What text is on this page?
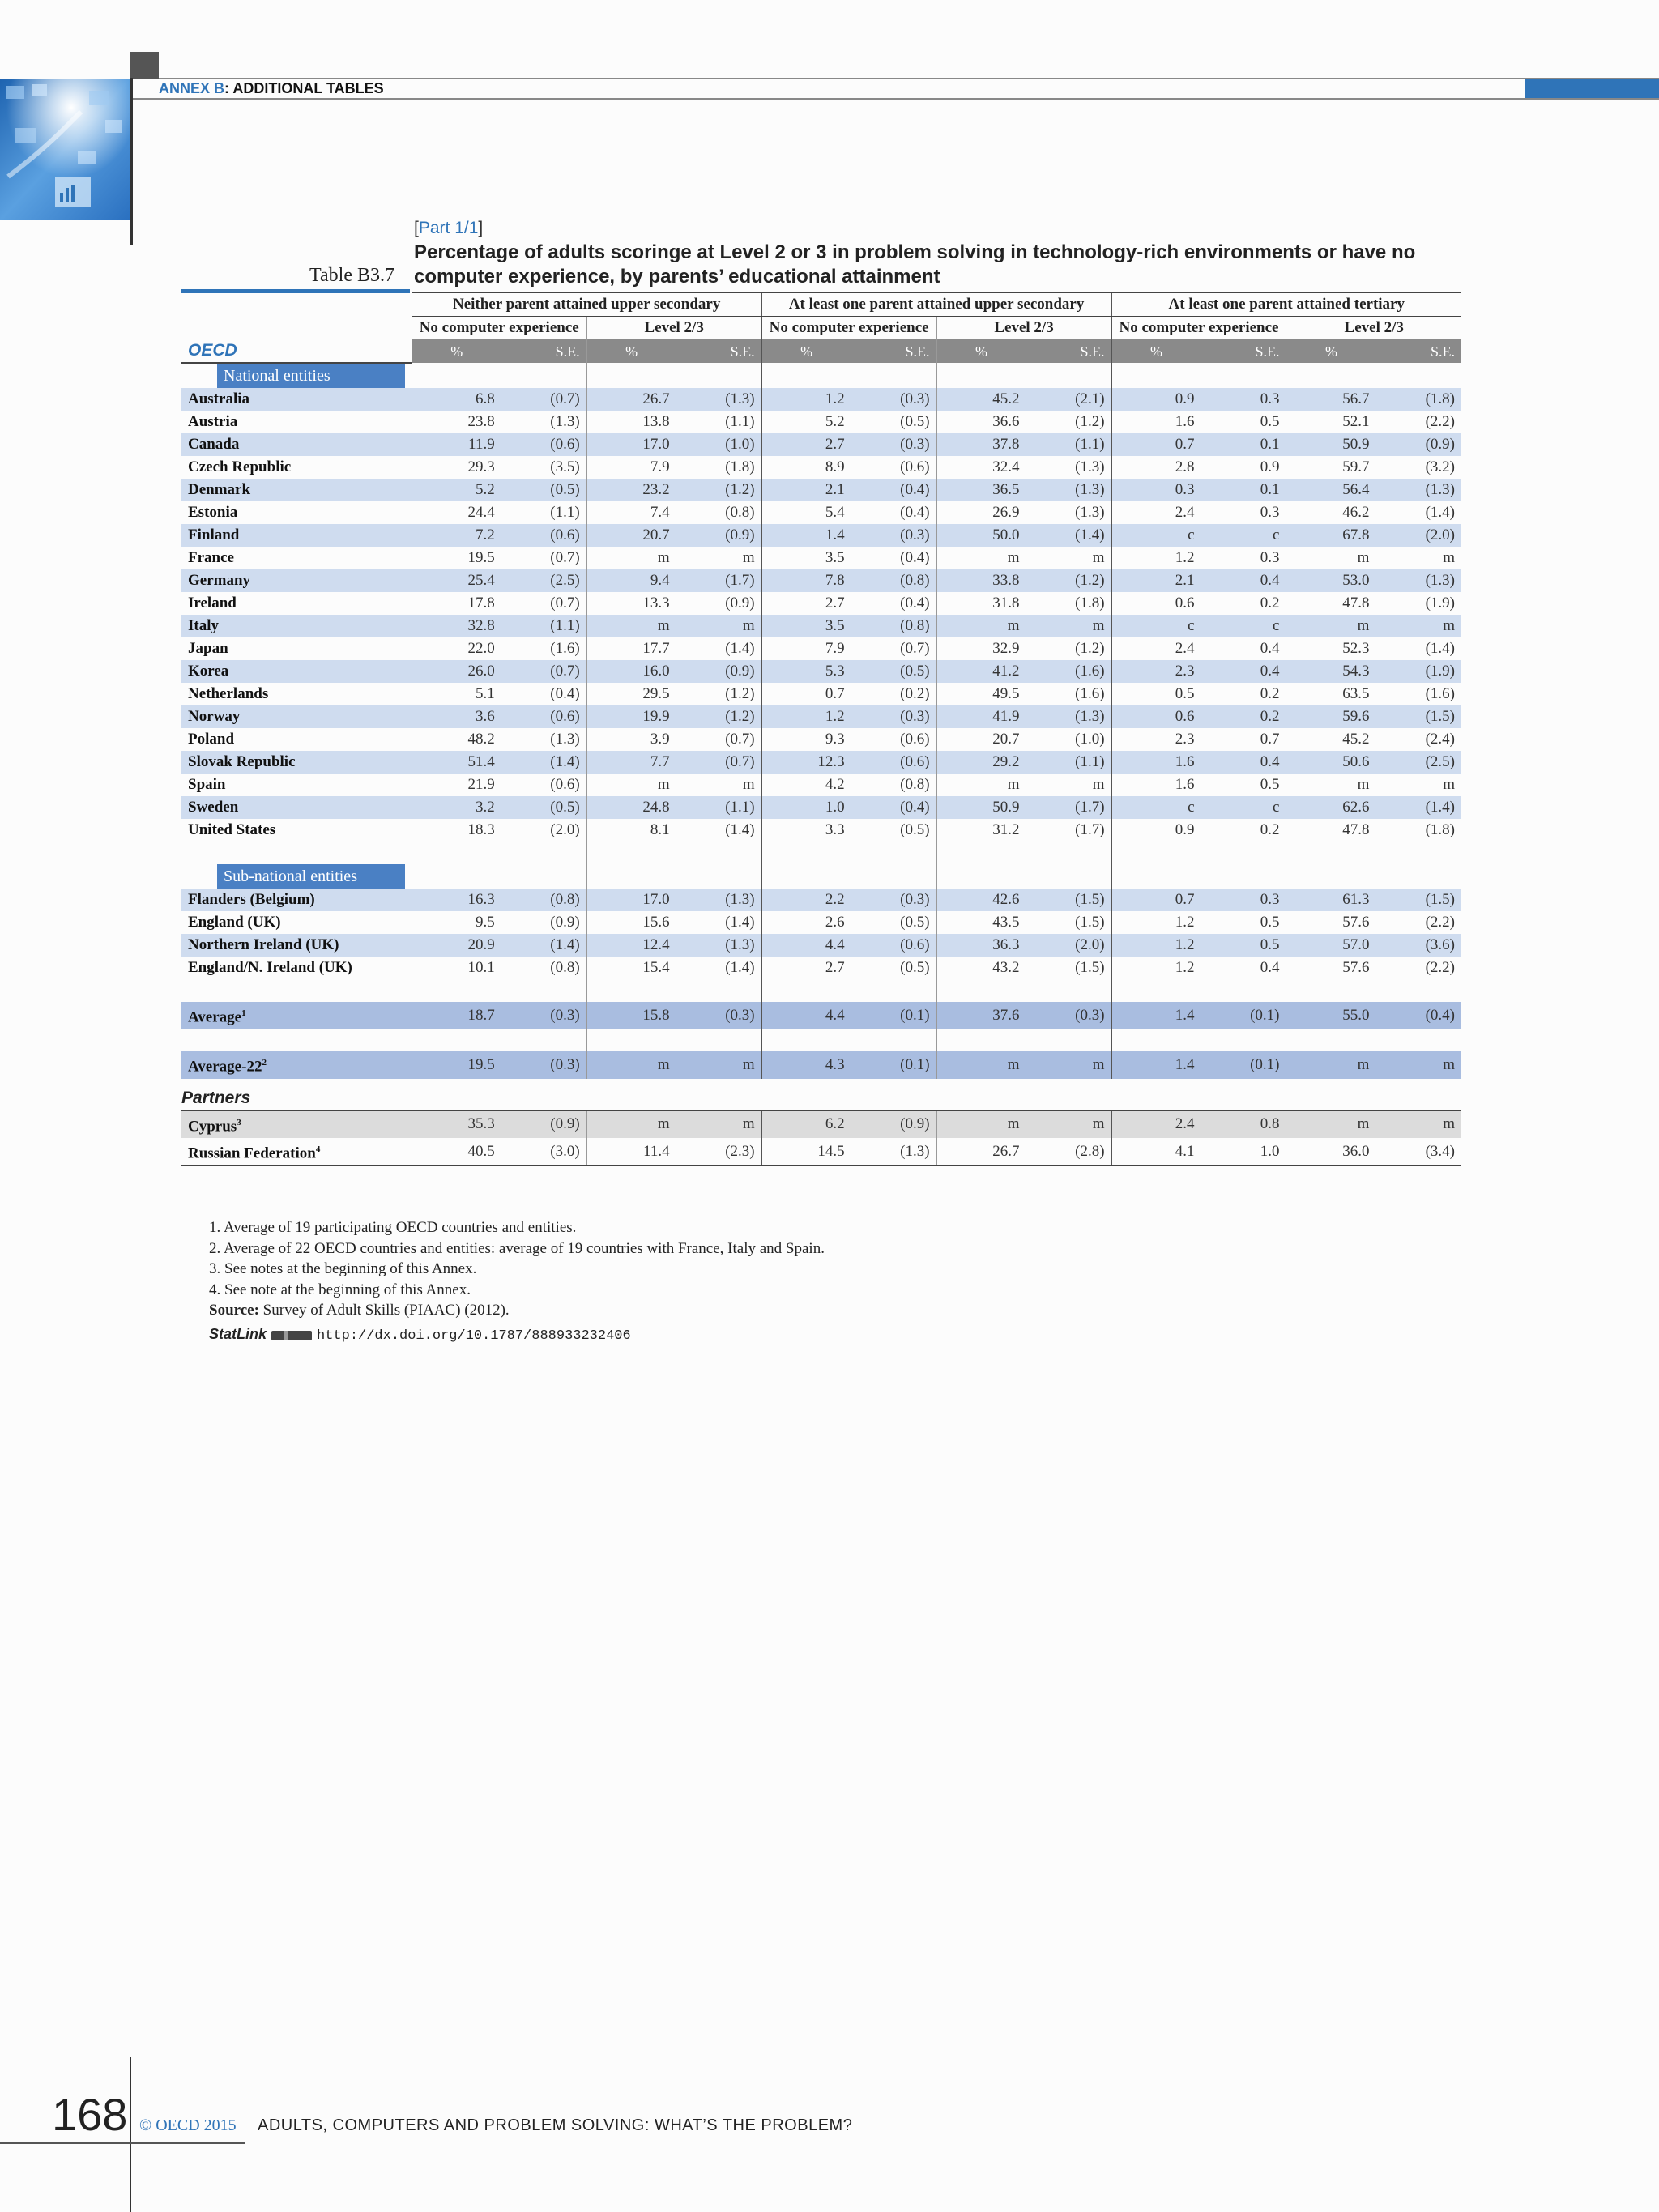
ANNEX B: ADDITIONAL TABLES
[Part 1/1]
Percentage of adults scoringe at Level 2 or 3 in problem solving in technology-rich environments or have no computer experience, by parents’ educational attainment
Table B3.7
	Neither parent attained upper secondary				At least one parent attained upper secondary				At least one parent attained tertiary			
	No computer experience		Level 2/3		No computer experience		Level 2/3		No computer experience		Level 2/3	
OECD	%	S.E.	%	S.E.	%	S.E.	%	S.E.	%	S.E.	%	S.E.

National entities												

Australia	6.8	(0.7)	26.7	(1.3)	1.2	(0.3)	45.2	(2.1)	0.9	0.3	56.7	(1.8)
Austria	23.8	(1.3)	13.8	(1.1)	5.2	(0.5)	36.6	(1.2)	1.6	0.5	52.1	(2.2)
Canada	11.9	(0.6)	17.0	(1.0)	2.7	(0.3)	37.8	(1.1)	0.7	0.1	50.9	(0.9)
Czech Republic	29.3	(3.5)	7.9	(1.8)	8.9	(0.6)	32.4	(1.3)	2.8	0.9	59.7	(3.2)
Denmark	5.2	(0.5)	23.2	(1.2)	2.1	(0.4)	36.5	(1.3)	0.3	0.1	56.4	(1.3)
Estonia	24.4	(1.1)	7.4	(0.8)	5.4	(0.4)	26.9	(1.3)	2.4	0.3	46.2	(1.4)
Finland	7.2	(0.6)	20.7	(0.9)	1.4	(0.3)	50.0	(1.4)	c	c	67.8	(2.0)
France	19.5	(0.7)	m	m	3.5	(0.4)	m	m	1.2	0.3	m	m
Germany	25.4	(2.5)	9.4	(1.7)	7.8	(0.8)	33.8	(1.2)	2.1	0.4	53.0	(1.3)
Ireland	17.8	(0.7)	13.3	(0.9)	2.7	(0.4)	31.8	(1.8)	0.6	0.2	47.8	(1.9)
Italy	32.8	(1.1)	m	m	3.5	(0.8)	m	m	c	c	m	m
Japan	22.0	(1.6)	17.7	(1.4)	7.9	(0.7)	32.9	(1.2)	2.4	0.4	52.3	(1.4)
Korea	26.0	(0.7)	16.0	(0.9)	5.3	(0.5)	41.2	(1.6)	2.3	0.4	54.3	(1.9)
Netherlands	5.1	(0.4)	29.5	(1.2)	0.7	(0.2)	49.5	(1.6)	0.5	0.2	63.5	(1.6)
Norway	3.6	(0.6)	19.9	(1.2)	1.2	(0.3)	41.9	(1.3)	0.6	0.2	59.6	(1.5)
Poland	48.2	(1.3)	3.9	(0.7)	9.3	(0.6)	20.7	(1.0)	2.3	0.7	45.2	(2.4)
Slovak Republic	51.4	(1.4)	7.7	(0.7)	12.3	(0.6)	29.2	(1.1)	1.6	0.4	50.6	(2.5)
Spain	21.9	(0.6)	m	m	4.2	(0.8)	m	m	1.6	0.5	m	m
Sweden	3.2	(0.5)	24.8	(1.1)	1.0	(0.4)	50.9	(1.7)	c	c	62.6	(1.4)
United States	18.3	(2.0)	8.1	(1.4)	3.3	(0.5)	31.2	(1.7)	0.9	0.2	47.8	(1.8)

Sub-national entities												

Flanders (Belgium)	16.3	(0.8)	17.0	(1.3)	2.2	(0.3)	42.6	(1.5)	0.7	0.3	61.3	(1.5)
England (UK)	9.5	(0.9)	15.6	(1.4)	2.6	(0.5)	43.5	(1.5)	1.2	0.5	57.6	(2.2)
Northern Ireland (UK)	20.9	(1.4)	12.4	(1.3)	4.4	(0.6)	36.3	(2.0)	1.2	0.5	57.0	(3.6)
England/N. Ireland (UK)	10.1	(0.8)	15.4	(1.4)	2.7	(0.5)	43.2	(1.5)	1.2	0.4	57.6	(2.2)

Average$^1$	18.7	(0.3)	15.8	(0.3)	4.4	(0.1)	37.6	(0.3)	1.4	(0.1)	55.0	(0.4)

Average-$22^2$	19.5	(0.3)	m	m	4.3	(0.1)	m	m	1.4	(0.1)	m	m
Partners												
Cyprus$^3$	35.3	(0.9)	m	m	6.2	(0.9)	m	m	2.4	0.8	m	m
Russian Federation$^4$	40.5	(3.0)	11.4	(2.3)	14.5	(1.3)	26.7	(2.8)	4.1	1.0	36.0	(3.4)
1. Average of 19 participating OECD countries and entities.
2. Average of 22 OECD countries and entities: average of 19 countries with France, Italy and Spain.
3. See notes at the beginning of this Annex.
4. See note at the beginning of this Annex.
Source: Survey of Adult Skills (PIAAC) (2012).
StatLink	http://dx.doi.org/10.1787/888933232406
168 © OECD 2015 ADULTS, COMPUTERS AND PROBLEM SOLVING: WHAT’S THE PROBLEM?
